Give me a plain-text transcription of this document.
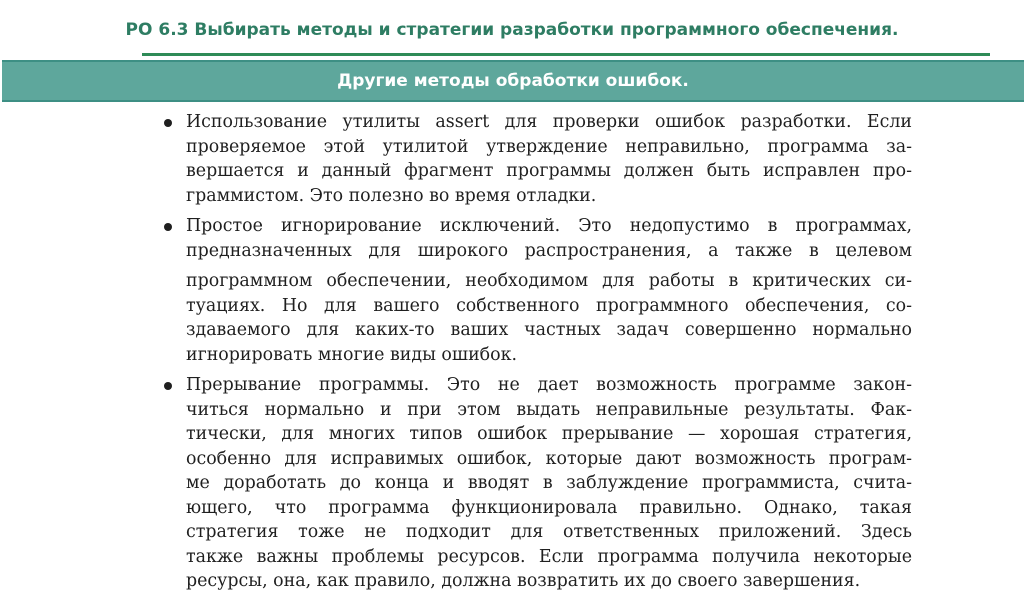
РО 6.3 Выбирать методы и стратегии разработки программного обеспечения.
Другие методы обработки ошибок.
Использование утилиты assert для проверки ошибок разработки. Если
проверяемое этой утилитой утверждение неправильно, программа за-
вершается и данный фрагмент программы должен быть исправлен про-
граммистом. Это полезно во время отладки.
Простое игнорирование исключений. Это недопустимо в программах,
предназначенных для широкого распространения, а также в целевом
программном обеспечении, необходимом для работы в критических си-
туациях. Но для вашего собственного программного обеспечения, со-
здаваемого для каких-то ваших частных задач совершенно нормально
игнорировать многие виды ошибок.
Прерывание программы. Это не дает возможность программе закон-
читься нормально и при этом выдать неправильные результаты. Фак-
тически, для многих типов ошибок прерывание — хорошая стратегия,
особенно для исправимых ошибок, которые дают возможность програм-
ме доработать до конца и вводят в заблуждение программиста, счита-
ющего, что программа функционировала правильно. Однако, такая
стратегия тоже не подходит для ответственных приложений. Здесь
также важны проблемы ресурсов. Если программа получила некоторые
ресурсы, она, как правило, должна возвратить их до своего завершения.
